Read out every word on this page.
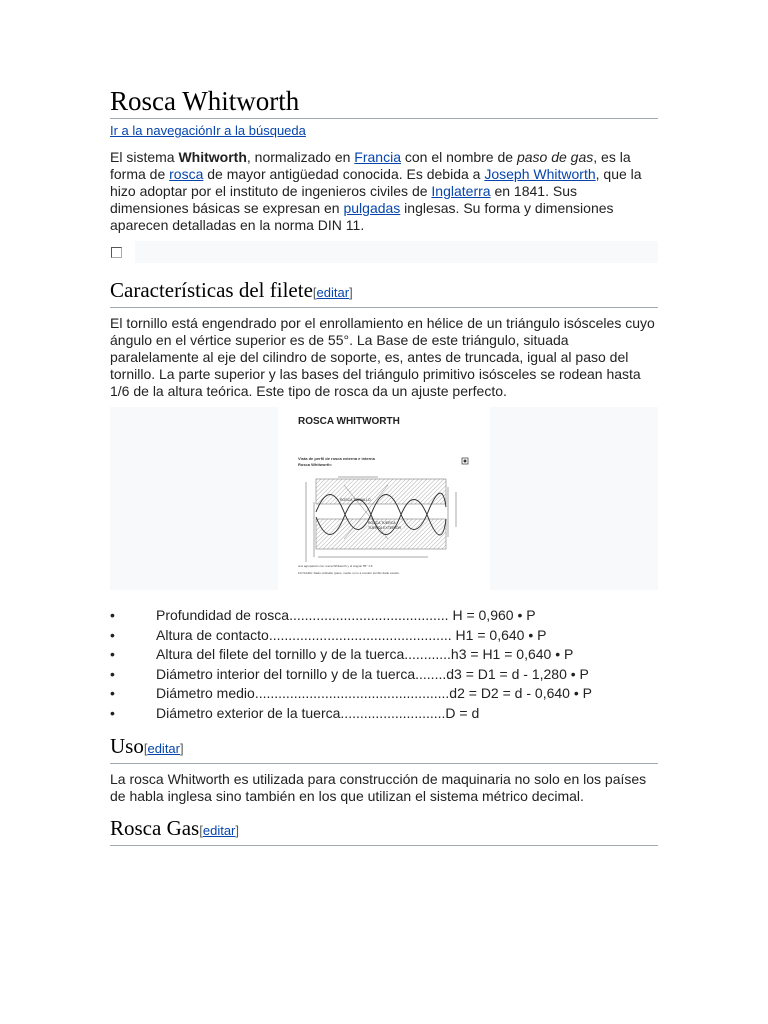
Rosca Whitworth
Ir a la navegaciónIr a la búsqueda

El sistema Whitworth, normalizado en Francia con el nombre de paso de gas, es la forma de rosca de mayor antigüedad conocida. Es debida a Joseph Whitworth, que la hizo adoptar por el instituto de ingenieros civiles de Inglaterra en 1841. Sus dimensiones básicas se expresan en pulgadas inglesas. Su forma y dimensiones aparecen detalladas en la norma DIN 11.

Características del filete[editar]

El tornillo está engendrado por el enrollamiento en hélice de un triángulo isósceles cuyo ángulo en el vértice superior es de 55°. La Base de este triángulo, situada paralelamente al eje del cilindro de soporte, es, antes de truncada, igual al paso del tornillo. La parte superior y las bases del triángulo primitivo isósceles se rodean hasta 1/6 de la altura teórica. Este tipo de rosca da un ajuste perfecto.

ROSCA WHITWORTH
Vista de perfil de rosca externa e interna
Rosca Whitworth:
ROSCA TORNILLO
ROSCA TUERCA
TUERCA EXTERIOR
una agrupación con rosca Whitworth y el ángulo 55° 1:6
FCYAARA: Dado ordinátio (paso, medio x) no a condon tornillo dado exactó.
•	Profundidad de rosca......................................... H = 0,960 • P
•	Altura de contacto............................................... H1 = 0,640 • P
•	Altura del filete del tornillo y de la tuerca............h3 = H1 = 0,640 • P
•	Diámetro interior del tornillo y de la tuerca........d3 = D1 = d - 1,280 • P
•	Diámetro medio..................................................d2 = D2 = d - 0,640 • P
•	Diámetro exterior de la tuerca...........................D = d
Uso[editar]

La rosca Whitworth es utilizada para construcción de maquinaria no solo en los países de habla inglesa sino también en los que utilizan el sistema métrico decimal.

Rosca Gas[editar]
